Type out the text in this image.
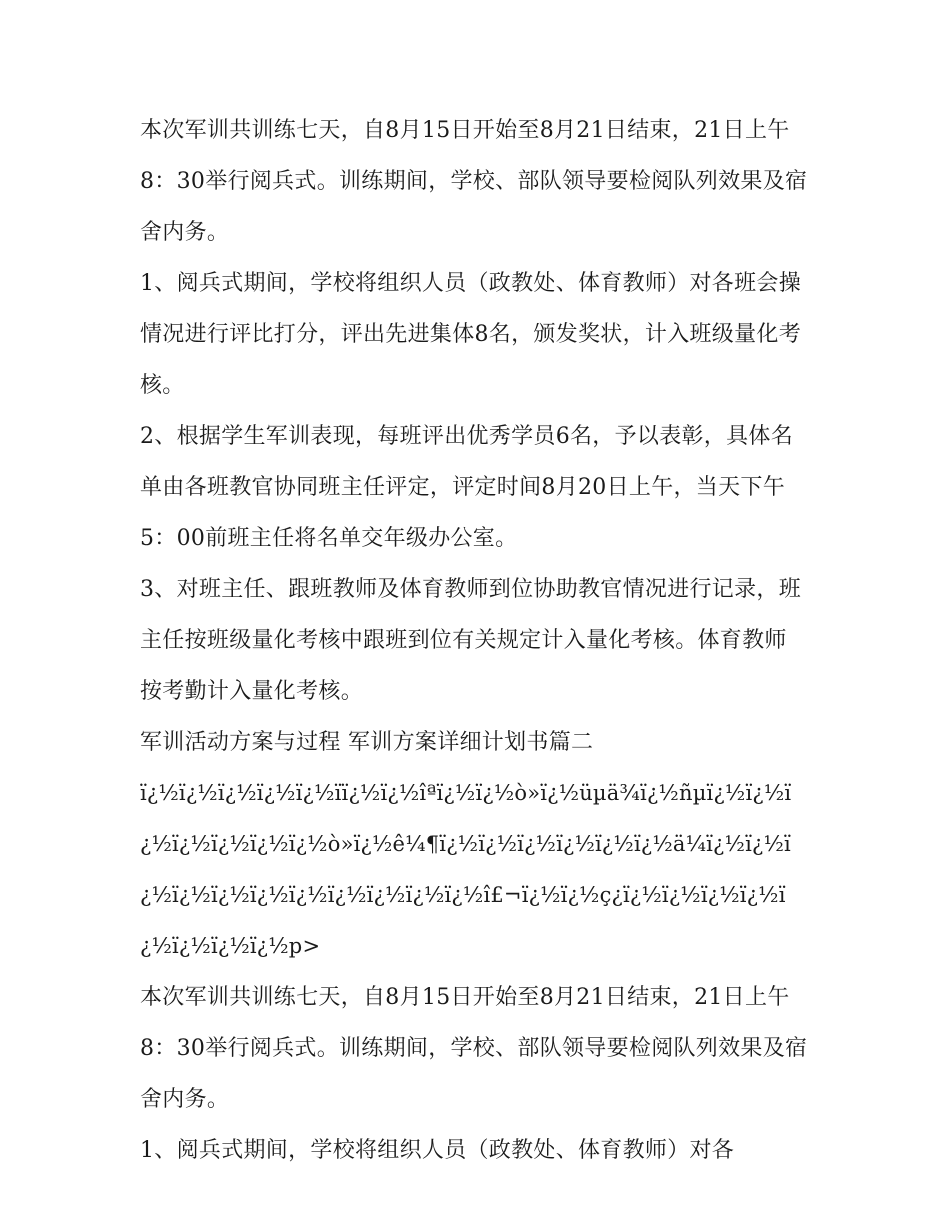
本次军训共训练七天，自8月15日开始至8月21日结束，21日上午8：30举行阅兵式。训练期间，学校、部队领导要检阅队列效果及宿舍内务。

1、阅兵式期间，学校将组织人员（政教处、体育教师）对各班会操情况进行评比打分，评出先进集体8名，颁发奖状，计入班级量化考核。

2、根据学生军训表现，每班评出优秀学员6名，予以表彰，具体名单由各班教官协同班主任评定，评定时间8月20日上午，当天下午5：00前班主任将名单交年级办公室。

3、对班主任、跟班教师及体育教师到位协助教官情况进行记录，班主任按班级量化考核中跟班到位有关规定计入量化考核。体育教师按考勤计入量化考核。

军训活动方案与过程 军训方案详细计划书篇二

ï¿½ï¿½ï¿½ï¿½ï¿½ïï¿½ï¿½îªï¿½ï¿½ò»ï¿½üµä¾ï¿½ñµï¿½ï¿½ï¿½ï¿½ï¿½ï¿½ï¿½ò»ï¿½ê¼¶ï¿½ï¿½ï¿½ï¿½ï¿½ï¿½ä¼ï¿½ï¿½ï¿½ï¿½ï¿½ï¿½ï¿½ï¿½ï¿½ï¿½ï¿½î£¬ï¿½ï¿½ç¿ï¿½ï¿½ï¿½ï¿½ï¿½ï¿½ï¿½ï¿½p>

本次军训共训练七天，自8月15日开始至8月21日结束，21日上午8：30举行阅兵式。训练期间，学校、部队领导要检阅队列效果及宿舍内务。

1、阅兵式期间，学校将组织人员（政教处、体育教师）对各
